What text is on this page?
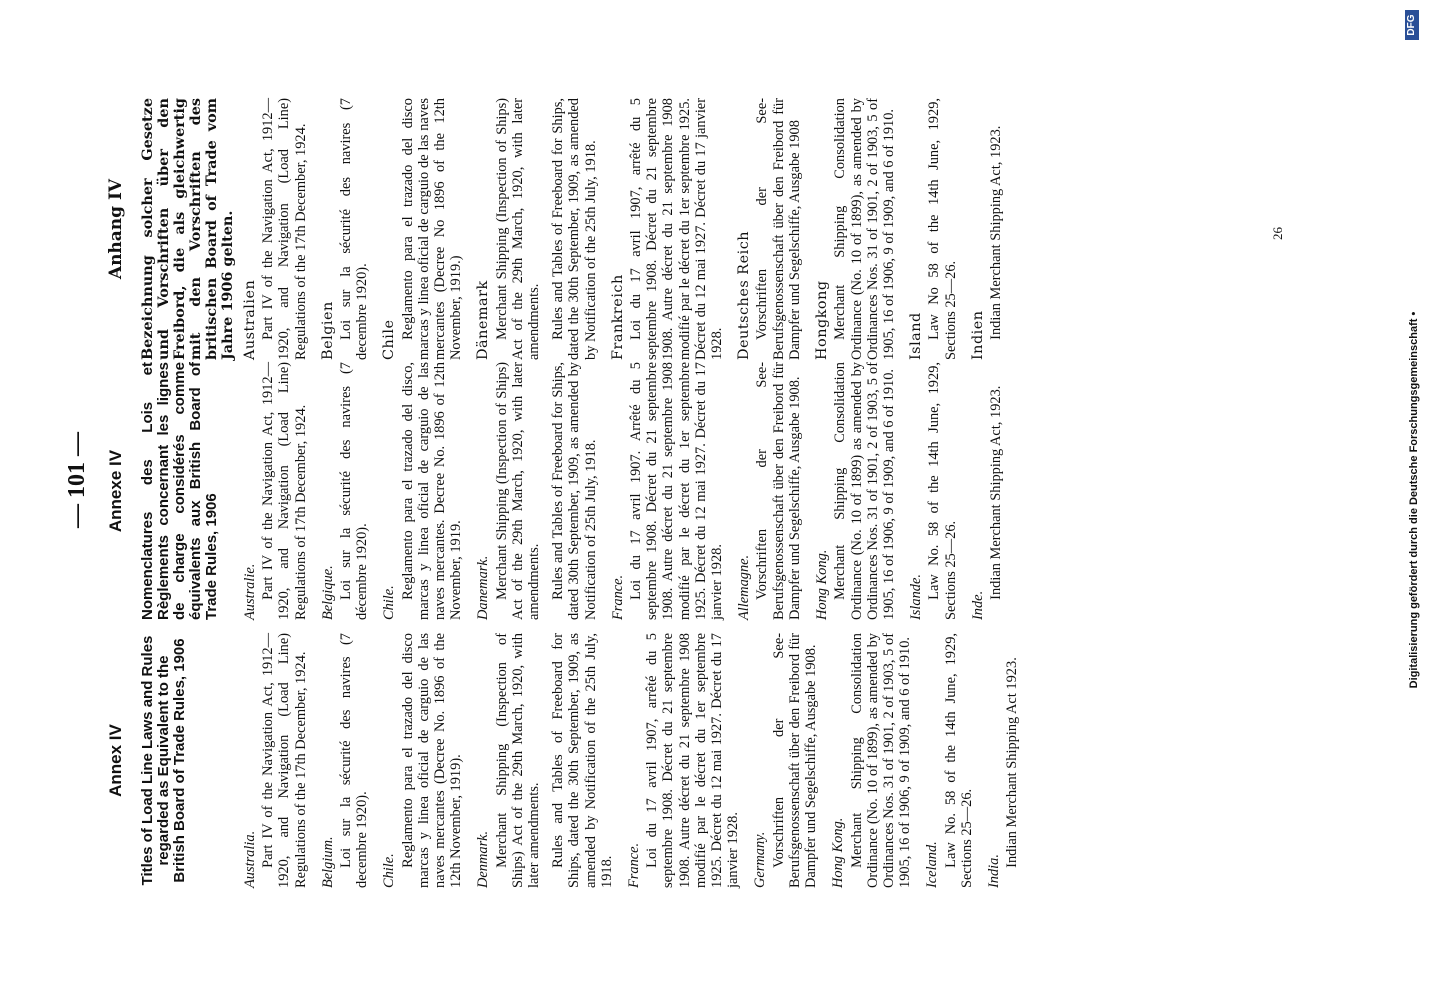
— 101 —
Annex IV Titles of Load Line Laws and Rules regarded as Equivalent to the British Board of Trade Rules, 1906	Australia. Part IV of the Navigation Act, 1912—1920, and Navigation (Load Line) Regulations of the 17th December, 1924. Belgium. Loi sur la sécurité des navires (7 decembre 1920). Chile.
Reglamento para el trazado del disco marcas y linea oficial de carguio de las naves mercantes (Decree No. 1896 of the 12th November, 1919). Denmark. Merchant Shipping (Inspection of Ships) Act of the 29th March, 1920, with later amendments. Rules and Tables of Freeboard for Ships, dated the 30th September, 1909, as amended by Notification of the 25th July, 1918. France. Loi du 17 avril 1907, arrêté du 5 septembre 1908. Décret du 21 septembre 1908. Autre décret du 21 septembre 1908 modifié par le décret du 1er septembre 1925. Décret du 12 mai 1927. Décret du 17 janvier 1928. Germany. Vorschriften der See-Berufsgenossenschaft über den Freibord für Dampfer und Segelschiffe, Ausgabe 1908. Hong Kong. Merchant Shipping Consolidation Ordinance (No. 10 of 1899), as amended by Ordinances Nos. 31 of 1901, 2 of 1903, 5 of 1905, 16 of 1906, 9 of 1909, and 6 of 1910. Iceland. Law No. 58 of the 14th June, 1929, Sections 25—26. India.
Indian Merchant Shipping Act 1923.
Annexe IV Nomenclatures des Lois et Règlements concernant les lignes de charge considérés comme équivalents aux British Board of Trade Rules, 1906 Australie. Part IV of the Navigation Act, 1912—1920, and Navigation (Load Line) Regulations of 17th December, 1924. Belgique. Loi sur la sécurité des navires (7 décembre 1920). Chile.
Reglamento para el trazado del disco, marcas y linea oficial de carguio de las naves mercantes. Decree No. 1896 of 12th November, 1919. Danemark. Merchant Shipping (Inspection of Ships) Act of the 29th March, 1920, with later amendments. Rules and Tables of Freeboard for Ships, dated 30th September, 1909, as amended by Notification of 25th July, 1918. France. Loi du 17 avril 1907. Arrêté du 5 septembre 1908. Décret du 21 septembre 1908. Autre décret du 21 septembre 1908 modifié par le décret du 1er septembre 1925. Décret du 12 mai 1927. Décret du 17 janvier 1928. Allemagne. Vorschriften der See-Berufsgenossenschaft über den Freibord für Dampfer und Segelschiffe, Ausgabe 1908. Hong Kong. Merchant Shipping Consolidation Ordinance (No. 10 of 1899) as amended by Ordinances Nos. 31 of 1901, 2 of 1903, 5 of 1905, 16 of 1906, 9 of 1909, and 6 of 1910. Islande. Law No. 58 of the 14th June, 1929, Sections 25—26. Inde.
Indian Merchant Shipping Act, 1923.
Anhang IV Bezeichnung solcher Gesetze und Vorschriften über den Freibord, die als gleichwertig mit den Vorschriften des britischen Board of Trade vom Jahre 1906 gelten. Australien Part IV of the Navigation Act, 1912—1920, and Navigation (Load Line) Regulations of the 17th December, 1924. Belgien Loi sur la sécurité des navires (7 decembre 1920). Chile Reglamento para el trazado del disco marcas y linea oficial de carguio de las naves mercantes (Decree No 1896 of the 12th November, 1919.) Dänemark Merchant Shipping (Inspection of Ships) Act of the 29th March, 1920, with later amendments. Rules and Tables of Freeboard for Ships, dated the 30th September, 1909, as amended by Notification of the 25th July, 1918. Frankreich Loi du 17 avril 1907, arrêté du 5 septembre 1908. Décret du 21 septembre 1908. Autre décret du 21 septembre 1908 modifié par le décret du 1er septembre 1925. Décret du 12 mai 1927. Décret du 17 janvier 1928. Deutsches Reich Vorschriften der See-Berufsgenossenschaft über den Freibord für Dampfer und Segelschiffe, Ausgabe 1908 Hongkong Merchant Shipping Consolidation Ordinance (No. 10 of 1899), as amended by Ordinances Nos. 31 of 1901, 2 of 1903, 5 of 1905, 16 of 1906, 9 of 1909, and 6 of 1910. Island Law No 58 of the 14th June, 1929, Sections 25—26. Indien Indian Merchant Shipping Act, 1923.	26
Digitalisierung gefördert durch die Deutsche Forschungsgemeinschaft •
DFG
